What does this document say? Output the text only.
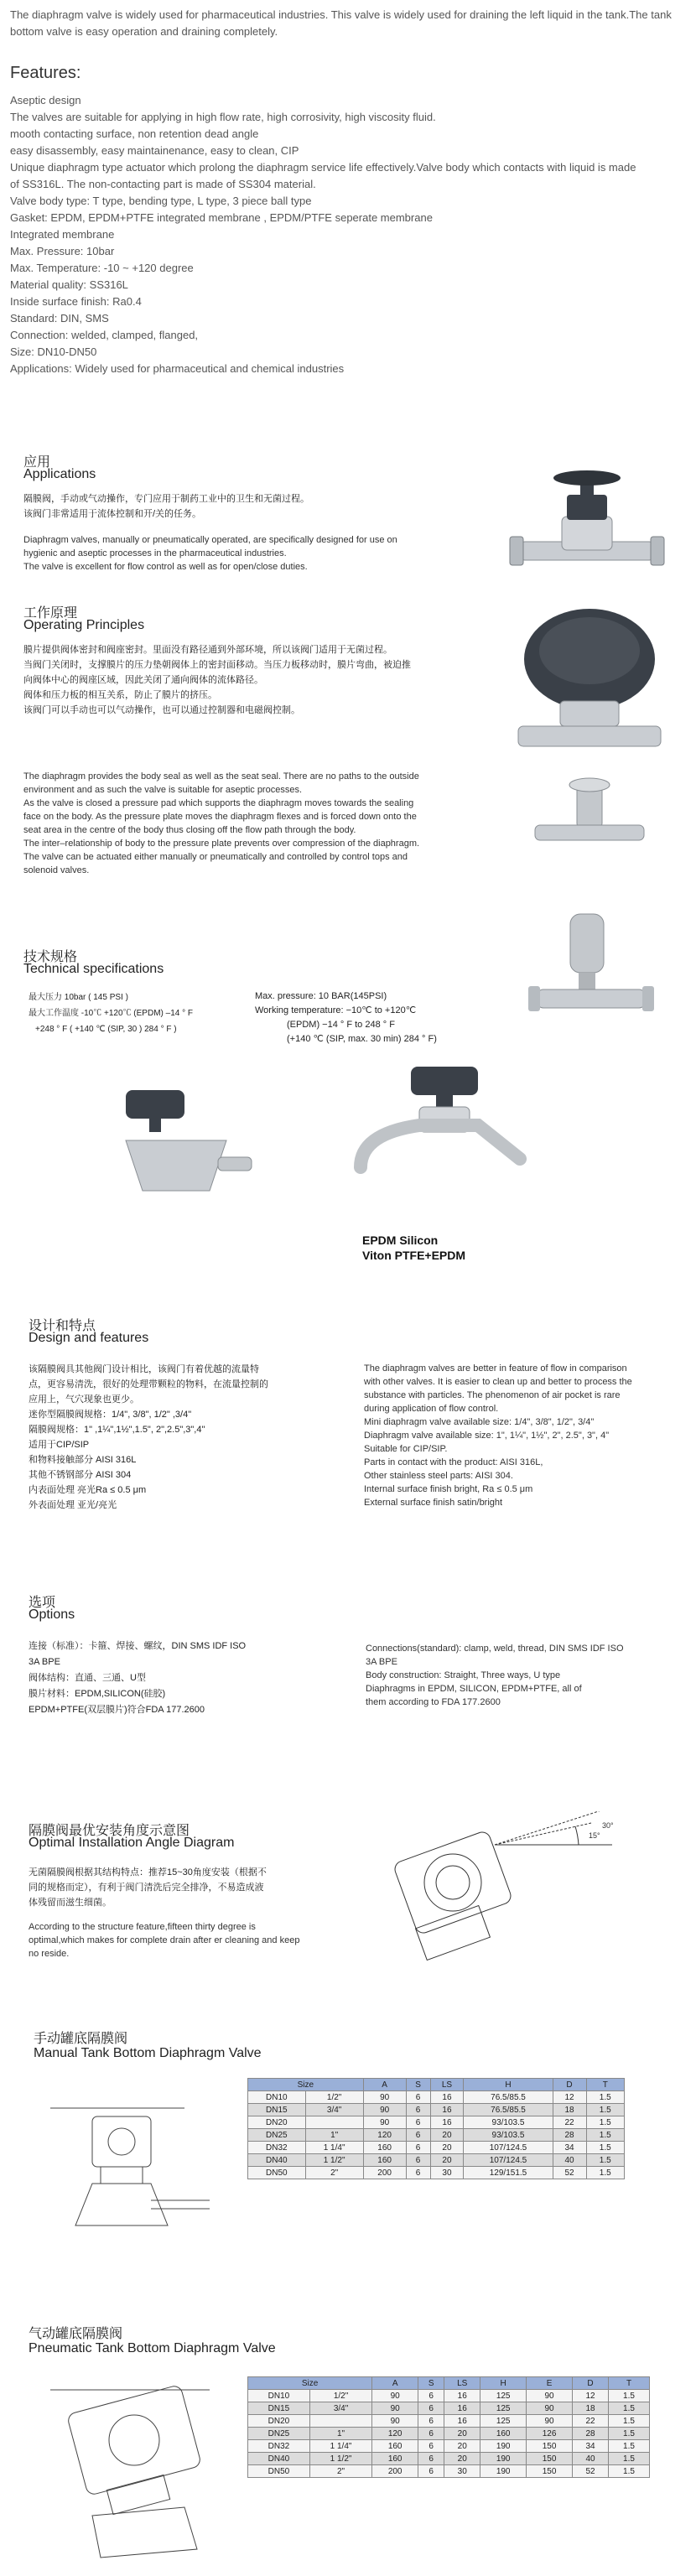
The diaphragm valve is widely used for pharmaceutical industries. This valve is widely used for draining the left liquid in the tank.The tank bottom valve is easy operation and draining completely.
Features:
Aseptic design
The valves are suitable for applying in high flow rate, high corrosivity, high viscosity fluid.
mooth contacting surface, non retention dead angle
easy disassembly, easy maintainenance, easy to clean, CIP
Unique diaphragm type actuator which prolong the diaphragm service life effectively.Valve body which contacts with liquid is made
of SS316L. The non-contacting part is made of SS304 material.
Valve body type: T type, bending type, L type, 3 piece ball type
Gasket: EPDM, EPDM+PTFE integrated membrane , EPDM/PTFE seperate membrane
Integrated membrane
Max. Pressure: 10bar
Max. Temperature: -10 ~ +120 degree
Material quality: SS316L
Inside surface finish: Ra0.4
Standard: DIN, SMS
Connection: welded, clamped, flanged,
Size: DN10-DN50
Applications: Widely used for pharmaceutical and chemical industries
应用
Applications
隔膜阀，手动或气动操作，专门应用于制药工业中的卫生和无菌过程。
该阀门非常适用于流体控制和开/关的任务。
Diaphragm valves, manually or pneumatically operated, are specifically designed for use on
hygienic and aseptic processes in the pharmaceutical industries.
The valve is excellent for flow control as well as for open/close duties.
工作原理
Operating Principles
膜片提供阀体密封和阀座密封。里面没有路径通到外部环境，所以该阀门适用于无菌过程。
当阀门关闭时，支撑膜片的压力垫朝阀体上的密封面移动。当压力板移动时，膜片弯曲，被迫推
向阀体中心的阀座区域，因此关闭了通向阀体的流体路径。
阀体和压力板的相互关系，防止了膜片的挤压。
该阀门可以手动也可以气动操作，也可以通过控制器和电磁阀控制。
The diaphragm provides the body seal as well as the seat seal. There are no paths to the outside
environment and as such the valve is suitable for aseptic processes.
As the valve is closed a pressure pad which supports the diaphragm moves towards the sealing
face on the body. As the pressure plate moves the diaphragm flexes and is forced down onto the
seat area in the centre of the body thus closing off the flow path through the body.
The inter–relationship of body to the pressure plate prevents over compression of the diaphragm.
The valve can be actuated either manually or pneumatically and controlled by control tops and
solenoid valves.
技术规格
Technical specifications
最大压力 10bar ( 145 PSI )
最大工作温度 -10℃ +120℃ (EPDM) –14 ° F
+248 ° F ( +140 ℃ (SIP, 30 ) 284 ° F )
Max. pressure: 10 BAR(145PSI)
Working temperature: −10℃ to +120℃
(EPDM) −14 ° F to 248 ° F
(+140 ℃ (SIP, max. 30 min) 284 ° F)
EPDM Silicon
Viton PTFE+EPDM
设计和特点
Design and features
该隔膜阀具其他阀门设计相比，该阀门有着优越的流量特
点，更容易清洗，很好的处理带颗粒的物料，在流量控制的
应用上，气穴现象也更少。
迷你型隔膜阀规格：1/4", 3/8", 1/2" ,3/4"
隔膜阀规格：1" ,1¼",1½",1.5", 2",2.5",3",4"
适用于CIP/SIP
和物料接触部分 AISI 316L
其他不锈钢部分 AISI 304
内表面处理 亮光Ra ≤ 0.5 μm
外表面处理 亚光/亮光
The diaphragm valves are better in feature of flow in comparison
with other valves. It is easier to clean up and better to process the
substance with particles. The phenomenon of air pocket is rare
during application of flow control.
Mini diaphragm valve available size: 1/4", 3/8", 1/2", 3/4"
Diaphragm valve available size: 1", 1¼", 1½", 2", 2.5", 3", 4"
Suitable for CIP/SIP.
Parts in contact with the product: AISI 316L,
Other stainless steel parts: AISI 304.
Internal surface finish bright, Ra ≤ 0.5 μm
External surface finish satin/bright
选项
Options
连接（标准）：卡箍、焊接、螺纹，DIN SMS IDF ISO
3A BPE
阀体结构：直通、三通、U型
膜片材料：EPDM,SILICON(硅胶)
EPDM+PTFE(双层膜片)符合FDA 177.2600
Connections(standard): clamp, weld, thread, DIN SMS IDF ISO
3A BPE
Body construction: Straight, Three ways, U type
Diaphragms in EPDM, SILICON, EPDM+PTFE, all of
them according to FDA 177.2600
隔膜阀最优安装角度示意图
Optimal Installation Angle Diagram
无菌隔膜阀根据其结构特点：推荐15~30角度安装（根据不
同的规格而定），有利于阀门清洗后完全排净，不易造成液
体残留而滋生细菌。
According to the structure feature,fifteen thirty degree is
optimal,which makes for complete drain after er cleaning and keep
no reside.
15°
30°
手动罐底隔膜阀
Manual Tank Bottom Diaphragm Valve
Size		A	S	LS	H	D	T
DN10	1/2"	90	6	16	76.5/85.5	12	1.5
DN15	3/4"	90	6	16	76.5/85.5	18	1.5
DN20		90	6	16	93/103.5	22	1.5
DN25	1"	120	6	20	93/103.5	28	1.5
DN32	1 1/4"	160	6	20	107/124.5	34	1.5
DN40	1 1/2"	160	6	20	107/124.5	40	1.5
DN50	2"	200	6	30	129/151.5	52	1.5
气动罐底隔膜阀
Pneumatic Tank Bottom Diaphragm Valve
Size		A	S	LS	H	E	D	T
DN10	1/2"	90	6	16	125	90	12	1.5
DN15	3/4"	90	6	16	125	90	18	1.5
DN20		90	6	16	125	90	22	1.5
DN25	1"	120	6	20	160	126	28	1.5
DN32	1 1/4"	160	6	20	190	150	34	1.5
DN40	1 1/2"	160	6	20	190	150	40	1.5
DN50	2"	200	6	30	190	150	52	1.5
